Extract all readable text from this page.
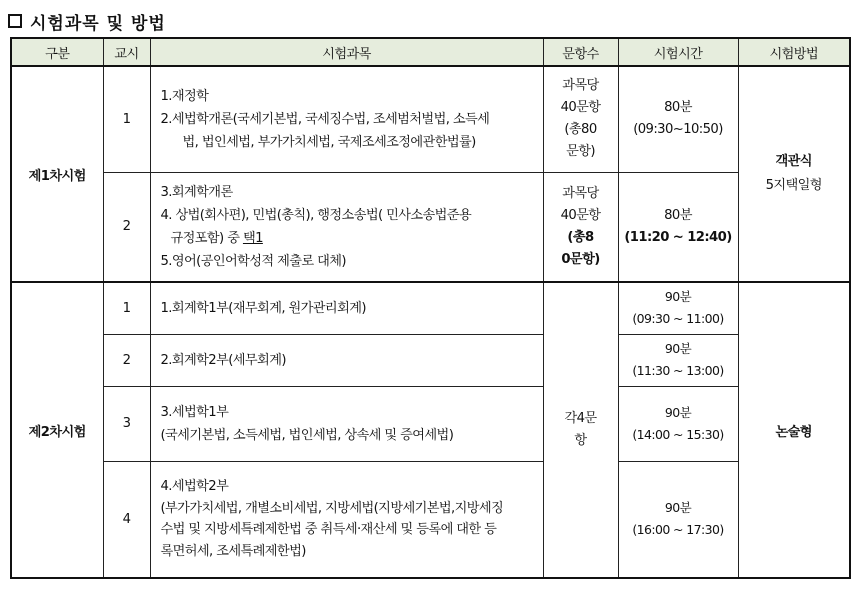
시험과목 및 방법
구분	교시	시험과목	문항수	시험시간	시험방법
제1차시험	1	1.재정학
2.세법학개론(국세기본법, 국세징수법, 조세범처벌법, 소득세
법, 법인세법, 부가가치세법, 국제조세조정에관한법률)	과목당
40문항
(총80
문항)	80분
(09:30~10:50)	객관식
5지택일형

	2	3.회계학개론
4. 상법(회사편), 민법(총칙), 행정소송법( 민사소송법준용
규정포함) 중 택1
5.영어(공인어학성적 제출로 대체)	과목당
40문항
(총8
0문항)	80분
(11:20 ~ 12:40)	

제2차시험	1	1.회계학1부(재무회계, 원가관리회계)	각4문
항	90분
(09:30 ~ 11:00)	논술형
	2	2.회계학2부(세무회계)		90분
(11:30 ~ 13:00)	

	3	3.세법학1부
(국세기본법, 소득세법, 법인세법, 상속세 및 증여세법)		90분
(14:00 ~ 15:30)	

	4	4.세법학2부
(부가가치세법, 개별소비세법, 지방세법(지방세기본법,지방세징
수법 및 지방세특례제한법 중 취득세·재산세 및 등록에 대한 등
록면허세, 조세특례제한법)		90분
(16:00 ~ 17:30)	
